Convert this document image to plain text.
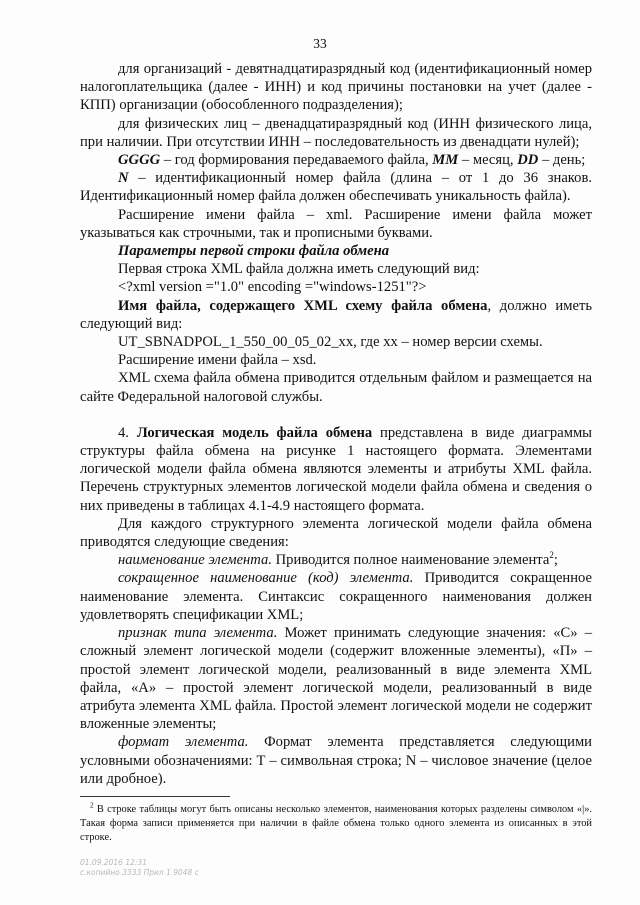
33

для организаций - девятнадцатиразрядный код (идентификационный номер налогоплательщика (далее - ИНН) и код причины постановки на учет (далее - КПП) организации (обособленного подразделения);

для физических лиц – двенадцатиразрядный код (ИНН физического лица, при наличии. При отсутствии ИНН – последовательность из двенадцати нулей);

GGGG – год формирования передаваемого файла, MM – месяц, DD – день;

N – идентификационный номер файла (длина – от 1 до 36 знаков. Идентификационный номер файла должен обеспечивать уникальность файла).

Расширение имени файла – xml. Расширение имени файла может указываться как строчными, так и прописными буквами.

Параметры первой строки файла обмена

Первая строка XML файла должна иметь следующий вид:

<?xml version ="1.0" encoding ="windows-1251"?>

Имя файла, содержащего XML схему файла обмена, должно иметь следующий вид:

UT_SBNADPOL_1_550_00_05_02_xx, где хх – номер версии схемы.

Расширение имени файла – xsd.

XML схема файла обмена приводится отдельным файлом и размещается на сайте Федеральной налоговой службы.

4. Логическая модель файла обмена представлена в виде диаграммы структуры файла обмена на рисунке 1 настоящего формата. Элементами логической модели файла обмена являются элементы и атрибуты XML файла. Перечень структурных элементов логической модели файла обмена и сведения о них приведены в таблицах 4.1-4.9 настоящего формата.

Для каждого структурного элемента логической модели файла обмена приводятся следующие сведения:

наименование элемента. Приводится полное наименование элемента$^2$;

сокращенное наименование (код) элемента. Приводится сокращенное наименование элемента. Синтаксис сокращенного наименования должен удовлетворять спецификации XML;

признак типа элемента. Может принимать следующие значения: «С» – сложный элемент логической модели (содержит вложенные элементы), «П» – простой элемент логической модели, реализованный в виде элемента XML файла, «А» – простой элемент логической модели, реализованный в виде атрибута элемента XML файла. Простой элемент логической модели не содержит вложенные элементы;

формат элемента. Формат элемента представляется следующими условными обозначениями: Т – символьная строка; N – числовое значение (целое или дробное).

$^2$ В строке таблицы могут быть описаны несколько элементов, наименования которых разделены символом «|». Такая форма записи применяется при наличии в файле обмена только одного элемента из описанных в этой строке.
01.09.2016 12:31
с.копийно 3333 Прил 1 9048 с
